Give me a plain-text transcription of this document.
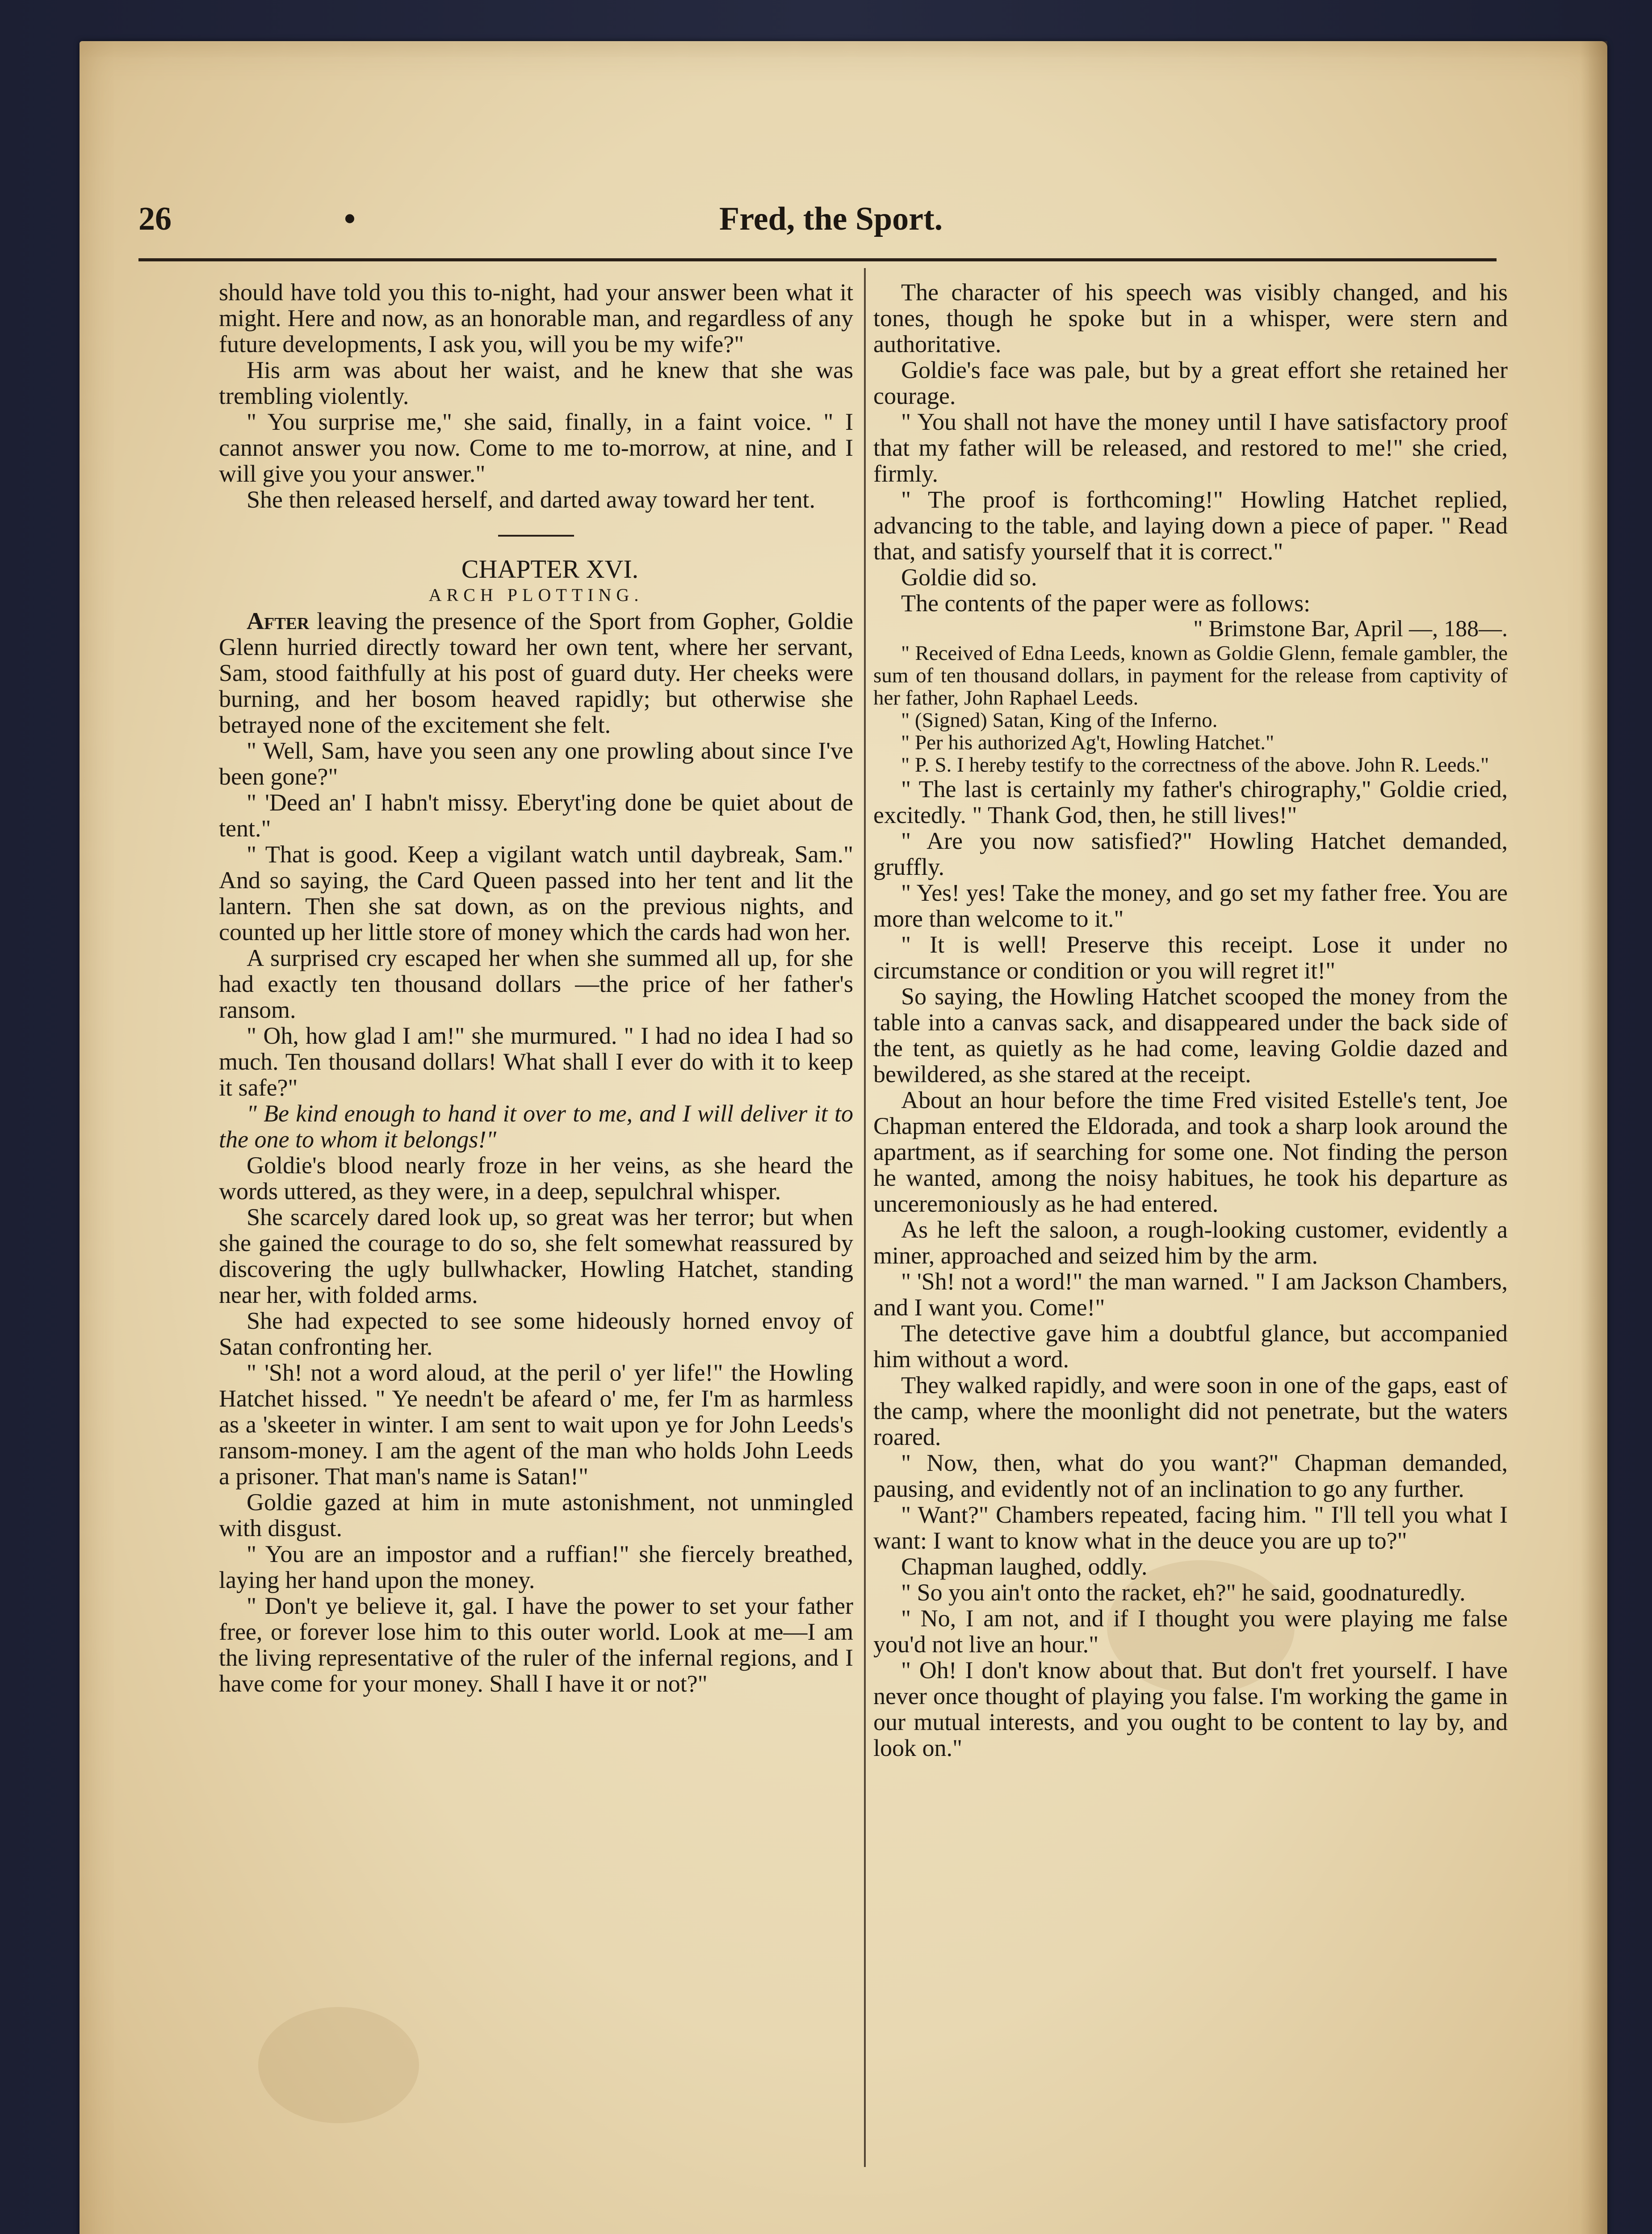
26	•	Fred, the Sport.

should have told you this to-night, had your answer been what it might. Here and now, as an honorable man, and regardless of any future developments, I ask you, will you be my wife?"

His arm was about her waist, and he knew that she was trembling violently.

" You surprise me," she said, finally, in a faint voice. " I cannot answer you now. Come to me to-morrow, at nine, and I will give you your answer."

She then released herself, and darted away toward her tent.

CHAPTER XVI.

ARCH PLOTTING.

After leaving the presence of the Sport from Gopher, Goldie Glenn hurried directly toward her own tent, where her servant, Sam, stood faithfully at his post of guard duty. Her cheeks were burning, and her bosom heaved rapidly; but otherwise she betrayed none of the excitement she felt.

" Well, Sam, have you seen any one prowling about since I've been gone?"

" 'Deed an' I habn't missy. Eberyt'ing done be quiet about de tent."

" That is good. Keep a vigilant watch until daybreak, Sam." And so saying, the Card Queen passed into her tent and lit the lantern. Then she sat down, as on the previous nights, and counted up her little store of money which the cards had won her.

A surprised cry escaped her when she summed all up, for she had exactly ten thousand dollars —the price of her father's ransom.

" Oh, how glad I am!" she murmured. " I had no idea I had so much. Ten thousand dollars! What shall I ever do with it to keep it safe?"

" Be kind enough to hand it over to me, and I will deliver it to the one to whom it belongs!"

Goldie's blood nearly froze in her veins, as she heard the words uttered, as they were, in a deep, sepulchral whisper.

She scarcely dared look up, so great was her terror; but when she gained the courage to do so, she felt somewhat reassured by discovering the ugly bullwhacker, Howling Hatchet, standing near her, with folded arms.

She had expected to see some hideously horned envoy of Satan confronting her.

" 'Sh! not a word aloud, at the peril o' yer life!" the Howling Hatchet hissed. " Ye needn't be afeard o' me, fer I'm as harmless as a 'skeeter in winter. I am sent to wait upon ye for John Leeds's ransom-money. I am the agent of the man who holds John Leeds a prisoner. That man's name is Satan!"

Goldie gazed at him in mute astonishment, not unmingled with disgust.

" You are an impostor and a ruffian!" she fiercely breathed, laying her hand upon the money.

" Don't ye believe it, gal. I have the power to set your father free, or forever lose him to this outer world. Look at me—I am the living representative of the ruler of the infernal regions, and I have come for your money. Shall I have it or not?"

The character of his speech was visibly changed, and his tones, though he spoke but in a whisper, were stern and authoritative.

Goldie's face was pale, but by a great effort she retained her courage.

" You shall not have the money until I have satisfactory proof that my father will be released, and restored to me!" she cried, firmly.

" The proof is forthcoming!" Howling Hatchet replied, advancing to the table, and laying down a piece of paper. " Read that, and satisfy yourself that it is correct."

Goldie did so.

The contents of the paper were as follows:

" Brimstone Bar, April —, 188—.

" Received of Edna Leeds, known as Goldie Glenn, female gambler, the sum of ten thousand dollars, in payment for the release from captivity of her father, John Raphael Leeds.

" (Signed) Satan, King of the Inferno.

" Per his authorized Ag't, Howling Hatchet."

" P. S. I hereby testify to the correctness of the above. John R. Leeds."

" The last is certainly my father's chirography," Goldie cried, excitedly. " Thank God, then, he still lives!"

" Are you now satisfied?" Howling Hatchet demanded, gruffly.

" Yes! yes! Take the money, and go set my father free. You are more than welcome to it."

" It is well! Preserve this receipt. Lose it under no circumstance or condition or you will regret it!"

So saying, the Howling Hatchet scooped the money from the table into a canvas sack, and disappeared under the back side of the tent, as quietly as he had come, leaving Goldie dazed and bewildered, as she stared at the receipt.

About an hour before the time Fred visited Estelle's tent, Joe Chapman entered the Eldorada, and took a sharp look around the apartment, as if searching for some one. Not finding the person he wanted, among the noisy habitues, he took his departure as unceremoniously as he had entered.

As he left the saloon, a rough-looking customer, evidently a miner, approached and seized him by the arm.

" 'Sh! not a word!" the man warned. " I am Jackson Chambers, and I want you. Come!"

The detective gave him a doubtful glance, but accompanied him without a word.

They walked rapidly, and were soon in one of the gaps, east of the camp, where the moonlight did not penetrate, but the waters roared.

" Now, then, what do you want?" Chapman demanded, pausing, and evidently not of an inclination to go any further.

" Want?" Chambers repeated, facing him. " I'll tell you what I want: I want to know what in the deuce you are up to?"

Chapman laughed, oddly.

" So you ain't onto the racket, eh?" he said, goodnaturedly.

" No, I am not, and if I thought you were playing me false you'd not live an hour."

" Oh! I don't know about that. But don't fret yourself. I have never once thought of playing you false. I'm working the game in our mutual interests, and you ought to be content to lay by, and look on."
